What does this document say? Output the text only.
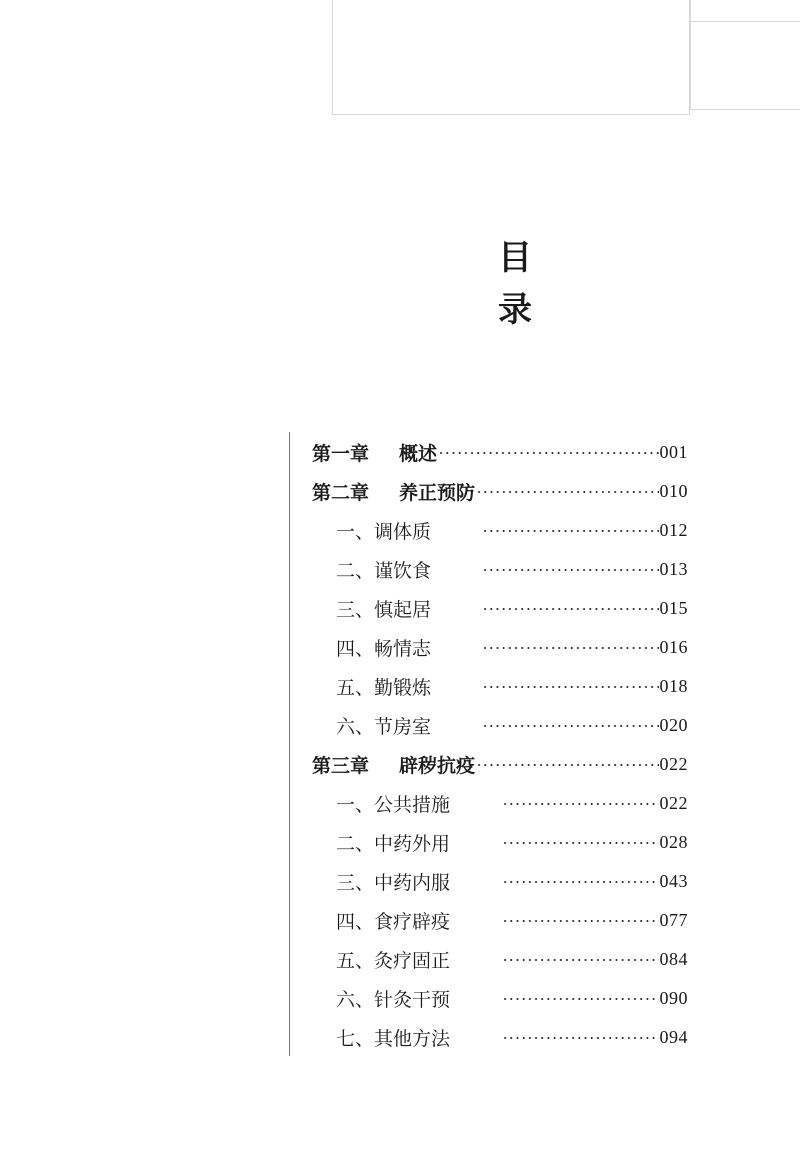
目　录
第一章	概述	001
第二章	养正预防	010
一、调体质	012
二、谨饮食	013
三、慎起居	015
四、畅情志	016
五、勤锻炼	018
六、节房室	020
第三章	辟秽抗疫	022
一、公共措施	022
二、中药外用	028
三、中药内服	043
四、食疗辟疫	077
五、灸疗固正	084
六、针灸干预	090
七、其他方法	094
